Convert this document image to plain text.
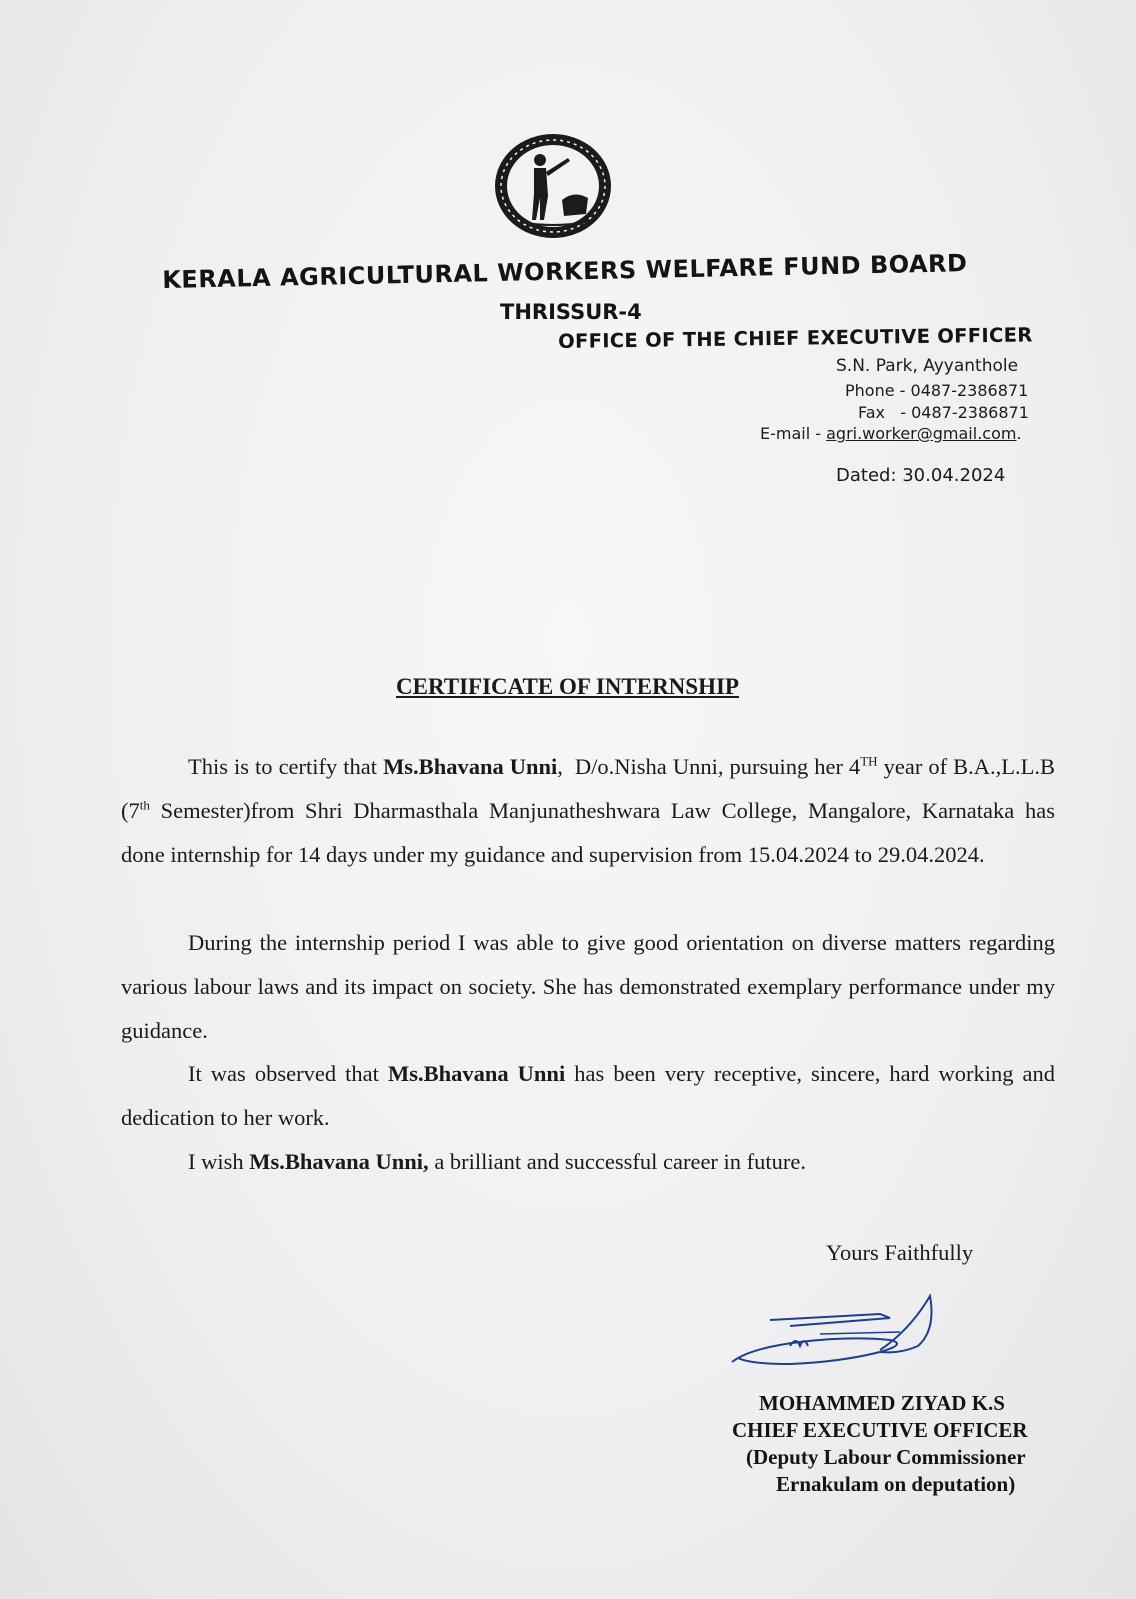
KERALA AGRICULTURAL WORKERS WELFARE FUND BOARD
THRISSUR-4
OFFICE OF THE CHIEF EXECUTIVE OFFICER
S.N. Park, Ayyanthole
Phone - 0487-2386871
Fax   - 0487-2386871
E-mail - agri.worker@gmail.com.
Dated: 30.04.2024
CERTIFICATE OF INTERNSHIP
This is to certify that Ms.Bhavana Unni,  D/o.Nisha Unni, pursuing her 4TH year of B.A.,L.L.B (7th Semester)from Shri Dharmasthala Manjunatheshwara Law College, Mangalore, Karnataka has done internship for 14 days under my guidance and supervision from 15.04.2024 to 29.04.2024.
During the internship period I was able to give good orientation on diverse matters regarding various labour laws and its impact on society. She has demonstrated exemplary performance under my guidance.
It was observed that Ms.Bhavana Unni has been very receptive, sincere, hard working and dedication to her work.
I wish Ms.Bhavana Unni, a brilliant and successful career in future.
Yours Faithfully
MOHAMMED ZIYAD K.S
CHIEF EXECUTIVE OFFICER
(Deputy Labour Commissioner
Ernakulam on deputation)
